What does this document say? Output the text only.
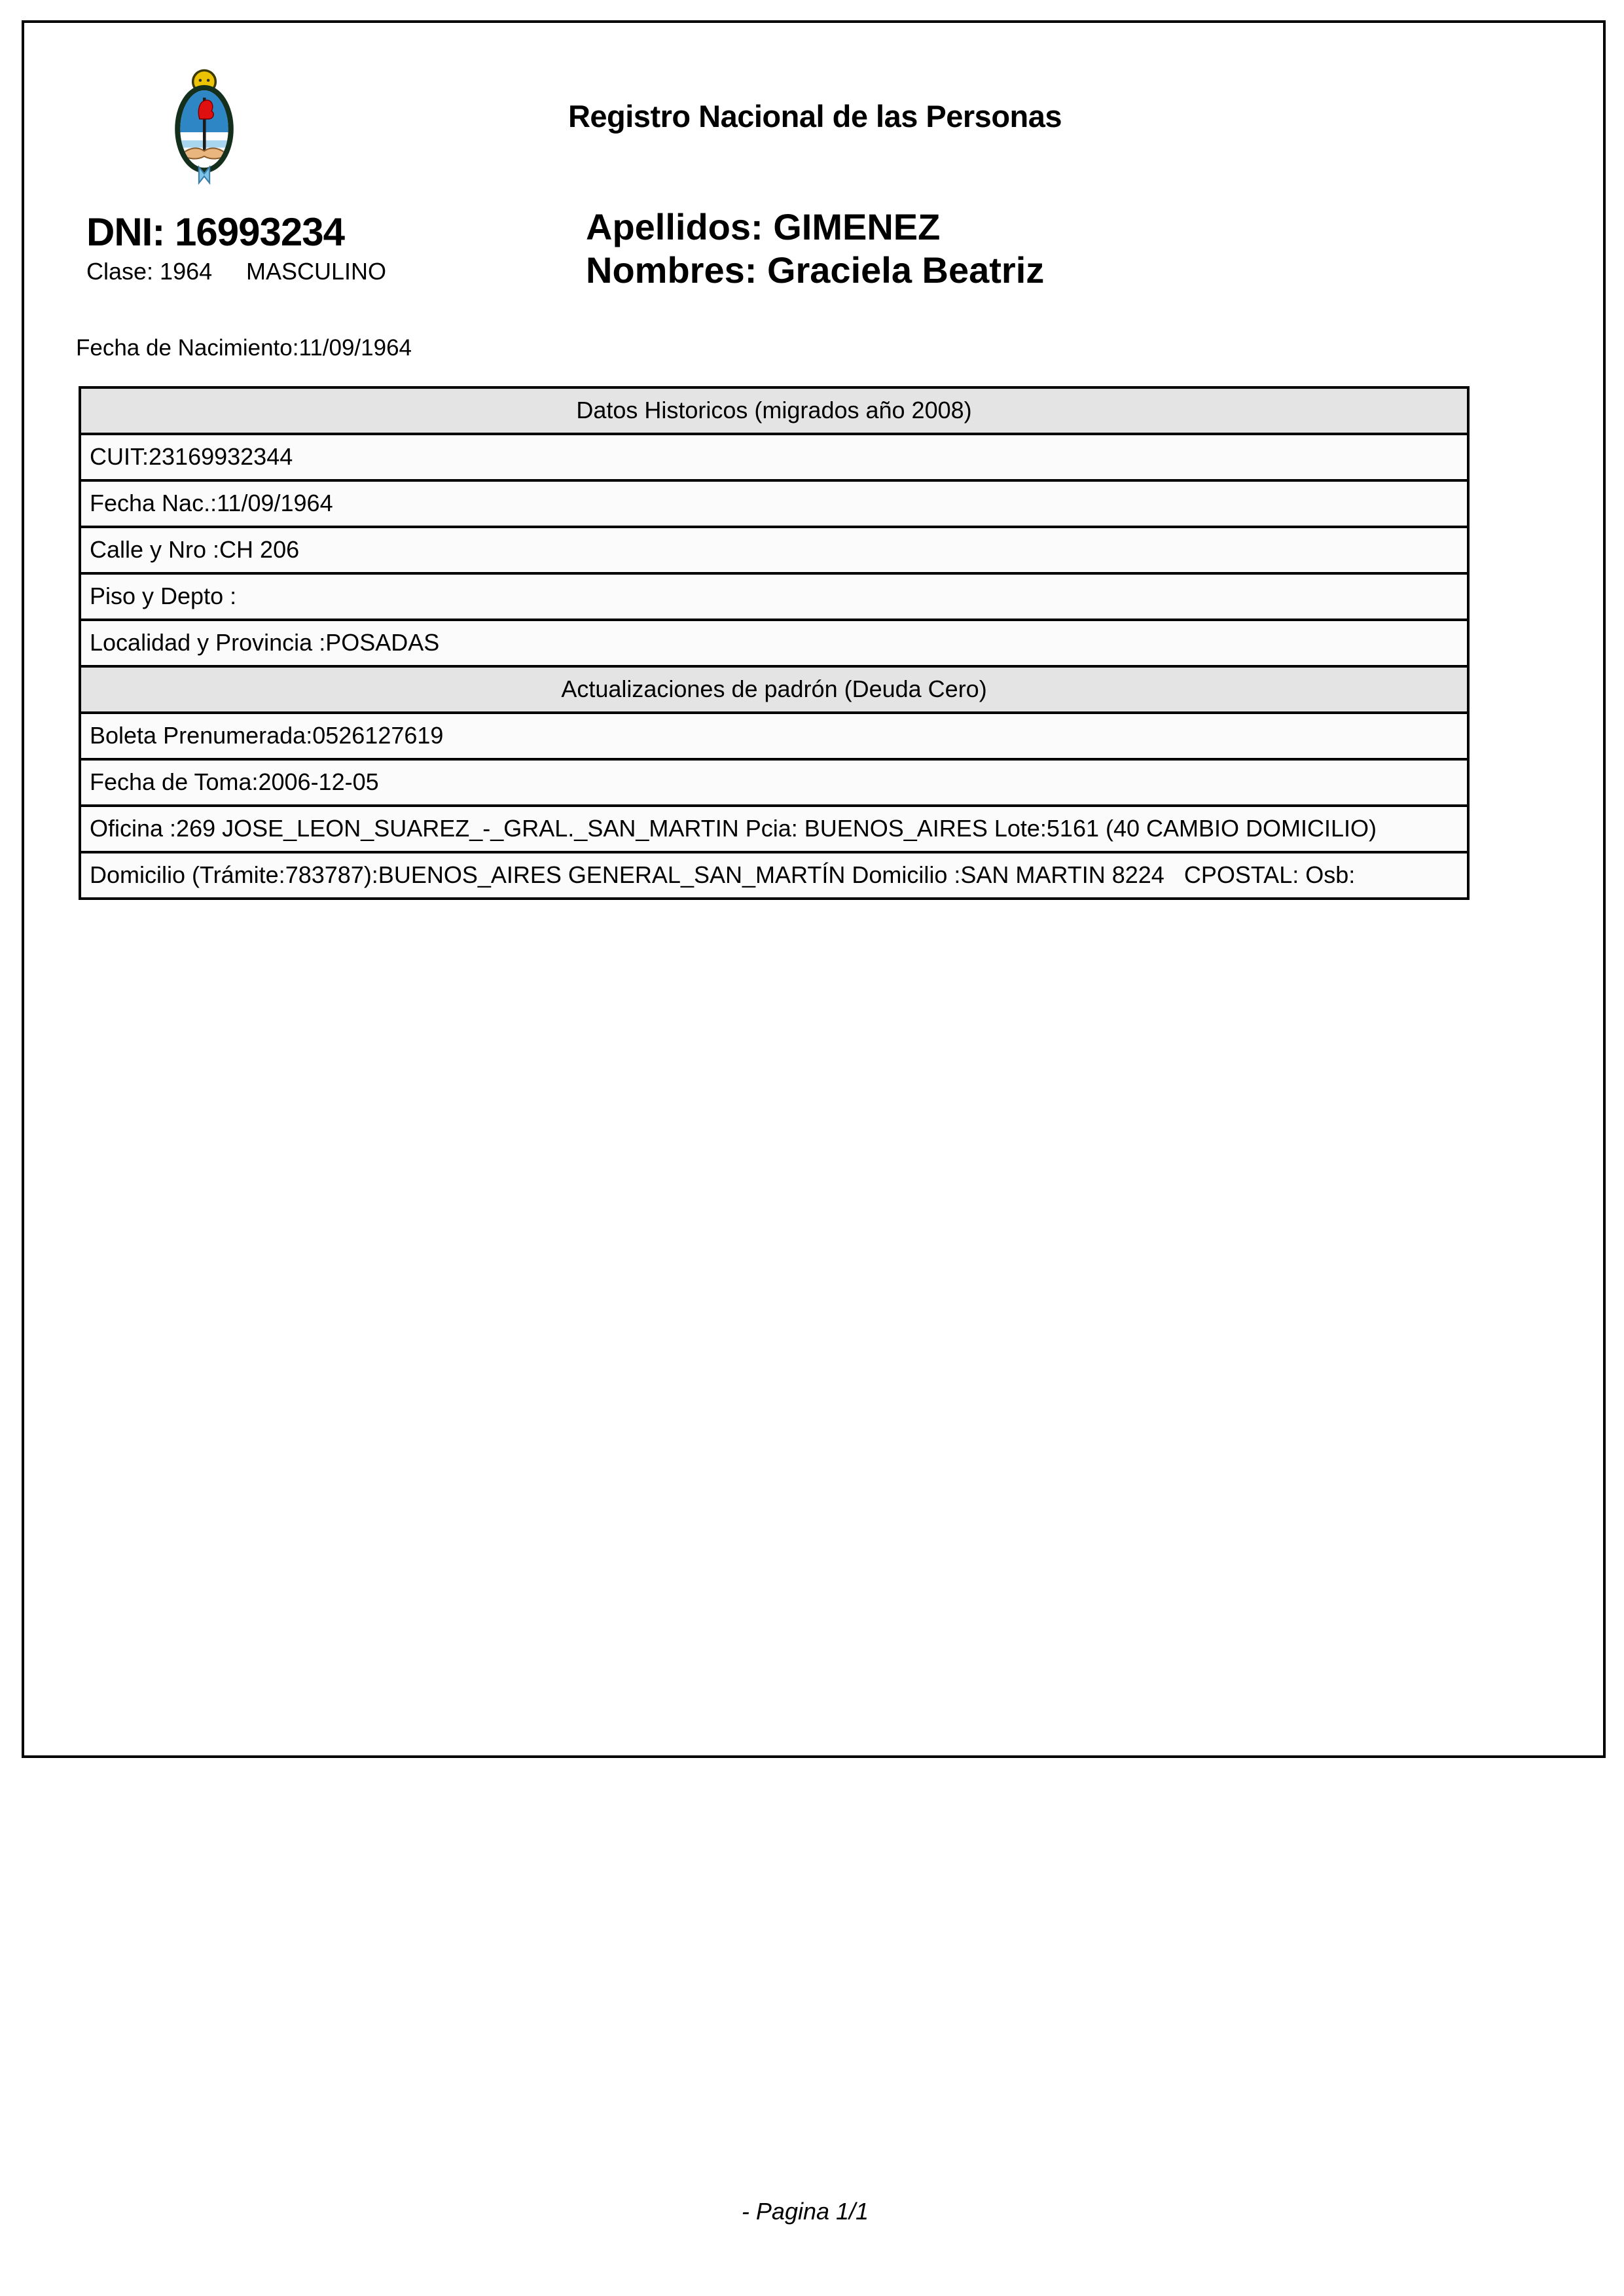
Registro Nacional de las Personas
DNI: 16993234
Clase: 1964 MASCULINO
Apellidos: GIMENEZ
Nombres: Graciela Beatriz
Fecha de Nacimiento:11/09/1964
Datos Historicos (migrados año 2008)
CUIT:23169932344
Fecha Nac.:11/09/1964
Calle y Nro :CH 206
Piso y Depto :
Localidad y Provincia :POSADAS
Actualizaciones de padrón (Deuda Cero)
Boleta Prenumerada:0526127619
Fecha de Toma:2006-12-05
Oficina :269 JOSE_LEON_SUAREZ_-_GRAL._SAN_MARTIN Pcia: BUENOS_AIRES Lote:5161 (40 CAMBIO DOMICILIO)
Domicilio (Trámite:783787):BUENOS_AIRES GENERAL_SAN_MARTÍN Domicilio :SAN MARTIN 8224   CPOSTAL: Osb:
- Pagina 1/1
